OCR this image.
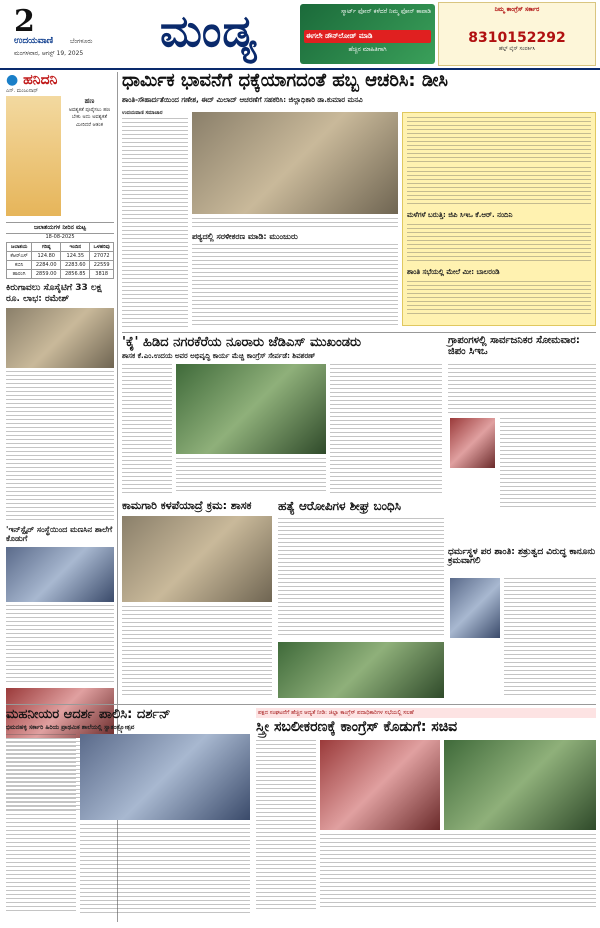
2
ಉದಯವಾಣಿ	ಬೆಂಗಳೂರು
ಮಂಗಳವಾರ, ಆಗಸ್ಟ್ 19, 2025 ಮಂಡ್ಯ	ಸ್ಮಾರ್ಟ್ ಫೋನ್ ಕಳೆದರೆ ನಿಮ್ಮ ಫೋನ್ ಕಾಪಾಡಿ
ಈಗಲೇ ಡೌನ್‌ಲೋಡ್ ಮಾಡಿ
ಹೆಚ್ಚಿನ ಮಾಹಿತಿಗಾಗಿ
ನಿಮ್ಮ ಕಾಂಗ್ರೆಸ್ ಸರ್ಕಾರ
8310152292
ಹೆಲ್ಪ್ ಲೈನ್ ಸಂಪರ್ಕಿಸಿ
● ಹನಿದನಿ
ಎನ್. ಮಂಜುನಾಥ್
ಹಣ
ಅವಶ್ಯಕತೆ ಪೂರೈಸಲು ಹಣ ಬೇಕು ಅದು ಅವಶ್ಯಕತೆ ಮೀರಿದರೆ ಆತಂಕ
ಜಲಾಶಯಗಳ ನೀರಿನ ಮಟ್ಟ
18-08-2025
ಜಲಾಶಯ	ಗರಿಷ್ಠ	ಇಂದಿನ	ಒಳಹರಿವು
ಕೆಆರ್‌ಎಸ್	124.80	124.35	27072
ಕಬಿನಿ	2284.00	2283.60	22559
ಹಾರಂಗಿ	2859.00	2856.85	3818
ಕಿರುಗಾವಲು ಸೊಸೈಟಿಗೆ 33 ಲಕ್ಷ ರೂ. ಲಾಭ: ರಮೇಶ್
'ಇನ್‌ಸ್ಪೈರ್ ಸಂಸ್ಥೆಯಿಂದ ಮಣಸಿನ ಶಾಲೆಗೆ ಕೊಡುಗೆ
ಧಾರ್ಮಿಕ ಭಾವನೆಗೆ ಧಕ್ಕೆಯಾಗದಂತೆ ಹಬ್ಬ ಆಚರಿಸಿ: ಡೀಸಿ
ಶಾಂತಿ-ಸೌಹಾರ್ದತೆಯಿಂದ ಗಣೇಶ, ಈದ್ ಮಿಲಾದ್ ಆಚರಣೆಗೆ ಸಹಕರಿಸಿ: ಜಿಲ್ಲಾಧಿಕಾರಿ ಡಾ.ಕುಮಾರ ಮನವಿ
ಉದಯವಾಣಿ ಸಮಾಚಾರ
ಪಠ್ಯದಲ್ಲಿ ಸರಳೀಕರಣ ಮಾಡಿ: ಮುಂಜುರು
ಮಳೆಗಳೆ ಬರುತ್ತಿ: ಜಿಪಿ ಸಿಇಒ ಕೆ.ಆರ್. ನಂದಿನಿ
ಶಾಂತಿ ಸಭೆಯಲ್ಲಿ ಮೇಲೆ ಮೀ: ಬಾಲರಂಡಿ
'ಕೈ' ಹಿಡಿದ ನಗರಕೆರೆಯ ನೂರಾರು ಜೆಡಿಎಸ್ ಮುಖಂಡರು
ಶಾಸಕ ಕೆ.ಎಂ.ಉದಯ ಅವರ ಅಭಿವೃದ್ಧಿ ಕಾರ್ಯ ಮೆಚ್ಚಿ ಕಾಂಗ್ರೆಸ್ ಸೇರ್ಪಡೆ: ಶಿವಶರಣ್
ಗ್ರಾಪಂಗಳಲ್ಲಿ ಸಾರ್ವಜನಿಕರ ಸೋಮವಾರ: ಜಿಪಂ ಸಿಇಒ
ಧರ್ಮಸ್ಥಳ ಪರ ಶಾಂತಿ: ಶತ್ರುತ್ವದ ವಿರುದ್ಧ ಕಾನೂನು ಕ್ರಮವಾಗಲಿ
ಕಾಮಗಾರಿ ಕಳಪೆಯಾದ್ರೆ ಕ್ರಮ: ಶಾಸಕ	ಹತ್ಯೆ ಆರೋಪಿಗಳ ಶೀಘ್ರ ಬಂಧಿಸಿ
ಮಹನೀಯರ ಆದರ್ಶ ಪಾಲಿಸಿ: ದರ್ಶನ್
ಭಿಮನಹಳ್ಳಿ ಸರ್ಕಾರಿ ಹಿರಿಯ ಪ್ರಾಥಮಿಕ ಶಾಲೆಯಲ್ಲಿ ಸ್ವಾತಂತ್ರ್ಯೋತ್ಸವ
ಪಕ್ಷದ ಸಂಘಟನೆಗೆ ಹೆಚ್ಚಿನ ಆದ್ಯತೆ ನೀಡಿ: ಜಿಲ್ಲಾ ಕಾಂಗ್ರೆಸ್ ಪದಾಧಿಕಾರಿಗಳ ಸಭೆಯಲ್ಲಿ ಸಲಹೆ
ಸ್ತ್ರೀ ಸಬಲೀಕರಣಕ್ಕೆ ಕಾಂಗ್ರೆಸ್ ಕೊಡುಗೆ: ಸಚಿವ
